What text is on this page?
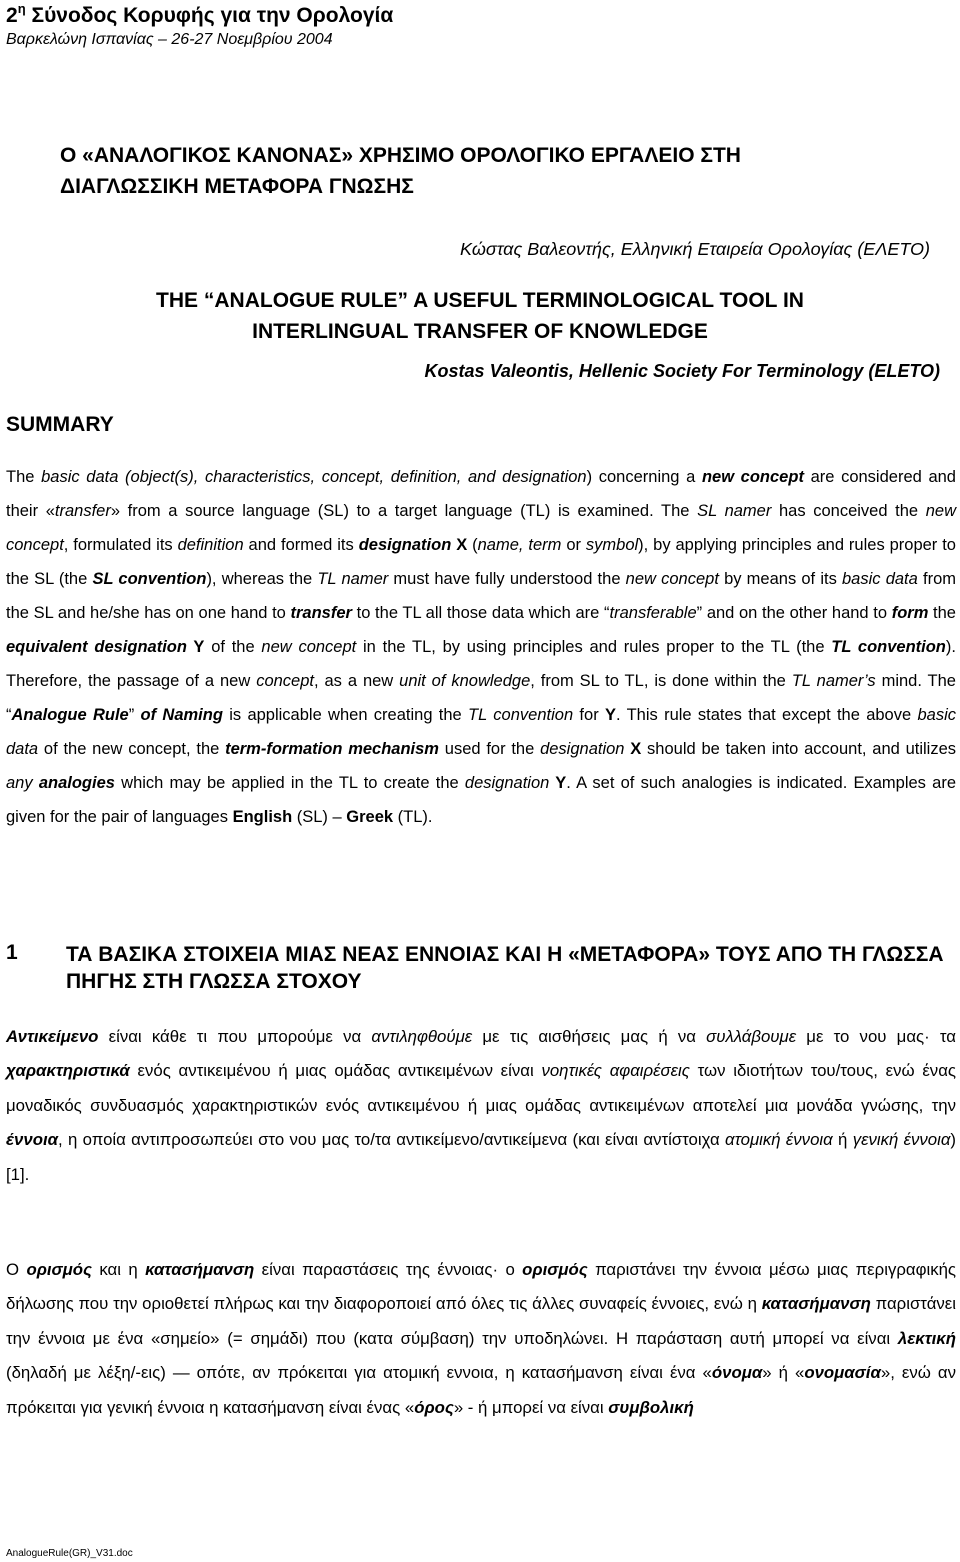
$2^\eta$ Σύνοδος Κορυφής για την Ορολογία
Βαρκελώνη Ισπανίας – 26-27 Νοεμβρίου 2004
Ο «ΑΝΑΛΟΓΙΚΟΣ ΚΑΝΟΝΑΣ» ΧΡΗΣΙΜΟ ΟΡΟΛΟΓΙΚΟ ΕΡΓΑΛΕΙΟ ΣΤΗ
ΔΙΑΓΛΩΣΣΙΚΗ ΜΕΤΑΦΟΡΑ ΓΝΩΣΗΣ
Κώστας Βαλεοντής, Ελληνική Εταιρεία Ορολογίας (ΕΛΕΤΟ)
THE “ANALOGUE RULE” A USEFUL TERMINOLOGICAL TOOL IN
INTERLINGUAL TRANSFER OF KNOWLEDGE
Kostas Valeontis, Hellenic Society For Terminology (ELETO)
SUMMARY
The basic data (object(s), characteristics, concept, definition, and designation) concerning a new concept are considered and their «transfer» from a source language (SL) to a target language (TL) is examined. The SL namer has conceived the new concept, formulated its definition and formed its designation X (name, term or symbol), by applying principles and rules proper to the SL (the SL convention), whereas the TL namer must have fully understood the new concept by means of its basic data from the SL and he/she has on one hand to transfer to the TL all those data which are “transferable” and on the other hand to form the equivalent designation Y of the new concept in the TL, by using principles and rules proper to the TL (the TL convention). Therefore, the passage of a new concept, as a new unit of knowledge, from SL to TL, is done within the TL namer’s mind. The “Analogue Rule” of Naming is applicable when creating the TL convention for Y. This rule states that except the above basic data of the new concept, the term-formation mechanism used for the designation X should be taken into account, and utilizes any analogies which may be applied in the TL to create the designation Y. A set of such analogies is indicated. Examples are given for the pair of languages English (SL) – Greek (TL).
1 ΤΑ ΒΑΣΙΚΑ ΣΤΟΙΧΕΙΑ ΜΙΑΣ ΝΕΑΣ ΕΝΝΟΙΑΣ ΚΑΙ Η «ΜΕΤΑΦΟΡΑ» ΤΟΥΣ ΑΠΟ ΤΗ ΓΛΩΣΣΑ ΠΗΓΗΣ ΣΤΗ ΓΛΩΣΣΑ ΣΤΟΧΟΥ
Αντικείμενο είναι κάθε τι που μπορούμε να αντιληφθούμε με τις αισθήσεις μας ή να συλλάβουμε με το νου μας· τα χαρακτηριστικά ενός αντικειμένου ή μιας ομάδας αντικειμένων είναι νοητικές αφαιρέσεις των ιδιοτήτων του/τους, ενώ ένας μοναδικός συνδυασμός χαρακτηριστικών ενός αντικειμένου ή μιας ομάδας αντικειμένων αποτελεί μια μονάδα γνώσης, την έννοια, η οποία αντιπροσωπεύει στο νου μας το/τα αντικείμενο/αντικείμενα (και είναι αντίστοιχα ατομική έννοια ή γενική έννοια) [1].
Ο ορισμός και η κατασήμανση είναι παραστάσεις της έννοιας· ο ορισμός παριστάνει την έννοια μέσω μιας περιγραφικής δήλωσης που την οριοθετεί πλήρως και την διαφοροποιεί από όλες τις άλλες συναφείς έννοιες, ενώ η κατασήμανση παριστάνει την έννοια με ένα «σημείο» (= σημάδι) που (κατα σύμβαση) την υποδηλώνει. Η παράσταση αυτή μπορεί να είναι λεκτική (δηλαδή με λέξη/-εις) — οπότε, αν πρόκειται για ατομική εννοια, η κατασήμανση είναι ένα «όνομα» ή «ονομασία», ενώ αν πρόκειται για γενική έννοια η κατασήμανση είναι ένας «όρος» - ή μπορεί να είναι συμβολική
AnalogueRule(GR)_V31.doc
